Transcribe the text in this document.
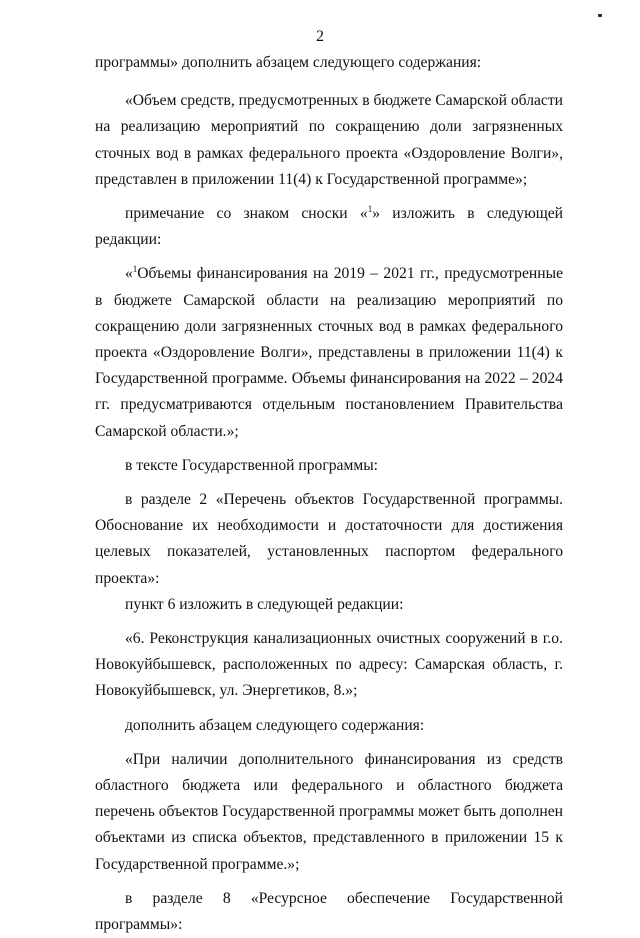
2

программы» дополнить абзацем следующего содержания:

«Объем средств, предусмотренных в бюджете Самарской области на реализацию мероприятий по сокращению доли загрязненных сточных вод в рамках федерального проекта «Оздоровление Волги», представлен в приложении 11(4) к Государственной программе»;

примечание со знаком сноски «$^1$» изложить в следующей редакции:

«$^1$Объемы финансирования на 2019 – 2021 гг., предусмотренные в бюджете Самарской области на реализацию мероприятий по сокращению доли загрязненных сточных вод в рамках федерального проекта «Оздоровление Волги», представлены в приложении 11(4) к Государственной программе. Объемы финансирования на 2022 – 2024 гг. предусматриваются отдельным постановлением Правительства Самарской области.»;

в тексте Государственной программы:

в разделе 2 «Перечень объектов Государственной программы. Обоснование их необходимости и достаточности для достижения целевых показателей, установленных паспортом федерального проекта»:

пункт 6 изложить в следующей редакции:

«6. Реконструкция канализационных очистных сооружений в г.о. Новокуйбышевск, расположенных по адресу: Самарская область, г. Новокуйбышевск, ул. Энергетиков, 8.»;

дополнить абзацем следующего содержания:

«При наличии дополнительного финансирования из средств областного бюджета или федерального и областного бюджета перечень объектов Государственной программы может быть дополнен объектами из списка объектов, представленного в приложении 15 к Государственной программе.»;

в разделе 8 «Ресурсное обеспечение Государственной программы»:
